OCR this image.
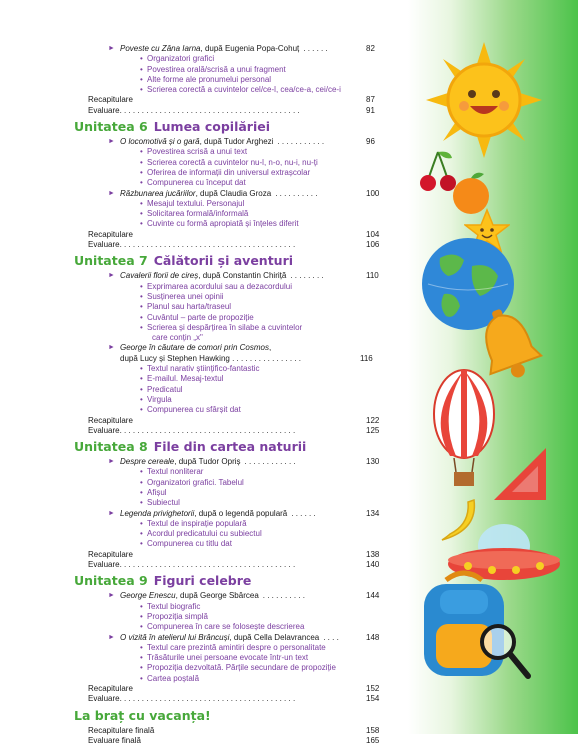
► Poveste cu Zâna Iarna, după Eugenia Popa-Cohuț . . . . . .	82
• Organizatori grafici
• Povestirea orală/scrisă a unui fragment
• Alte forme ale pronumelui personal
• Scrierea corectă a cuvintelor cel/ce-l, cea/ce-a, cei/ce-i
Recapitulare	87
Evaluare. . . . . . . . . . . . . . . . . . . . . . . . . . . . . . . . . . . . . . . . .	91
Unitatea 6 Lumea copilăriei
► O locomotivă și o gară, după Tudor Arghezi . . . . . . . . . . .	96
• Povestirea scrisă a unui text
• Scrierea corectă a cuvintelor nu-l, n-o, nu-i, nu-ți
• Oferirea de informații din universul extrașcolar
• Compunerea cu început dat
► Răzbunarea jucăriilor, după Claudia Groza . . . . . . . . . .	100
• Mesajul textului. Personajul
• Solicitarea formală/informală
• Cuvinte cu formă apropiată și înțeles diferit
Recapitulare	104
Evaluare. . . . . . . . . . . . . . . . . . . . . . . . . . . . . . . . . . . . . . . .	106
Unitatea 7 Călătorii și aventuri
► Cavalerii florii de cireș, după Constantin Chiriță . . . . . . . .	110
• Exprimarea acordului sau a dezacordului
• Susținerea unei opinii
• Planul sau harta/traseul
• Cuvântul – parte de propoziție
• Scrierea și despărțirea în silabe a cuvintelor
care conțin „x"
► George în căutare de comori prin Cosmos,
după Lucy și Stephen Hawking . . . . . . . . . . . . . . . .	116
• Textul narativ științifico-fantastic
• E-mailul. Mesaj-textul
• Predicatul
• Virgula
• Compunerea cu sfârșit dat
Recapitulare	122
Evaluare. . . . . . . . . . . . . . . . . . . . . . . . . . . . . . . . . . . . . . . .	125
Unitatea 8 File din cartea naturii
► Despre cereale, după Tudor Opriș . . . . . . . . . . . .	130
• Textul nonliterar
• Organizatori grafici. Tabelul
• Afișul
• Subiectul
► Legenda privighetorii, după o legendă populară . . . . . .	134
• Textul de inspirație populară
• Acordul predicatului cu subiectul
• Compunerea cu titlu dat
Recapitulare	138
Evaluare. . . . . . . . . . . . . . . . . . . . . . . . . . . . . . . . . . . . . . . .	140
Unitatea 9 Figuri celebre
► George Enescu, după George Sbârcea . . . . . . . . . .	144
• Textul biografic
• Propoziția simplă
• Compunerea în care se folosește descrierea
► O vizită în atelierul lui Brâncuși, după Cella Delavrancea . . . .	148
• Textul care prezintă amintiri despre o personalitate
• Trăsăturile unei persoane evocate într-un text
• Propoziția dezvoltată. Părțile secundare de propoziție
• Cartea poștală
Recapitulare	152
Evaluare. . . . . . . . . . . . . . . . . . . . . . . . . . . . . . . . . . . . . . . .	154
La braț cu vacanța!
Recapitulare finală	158
Evaluare finală	165
